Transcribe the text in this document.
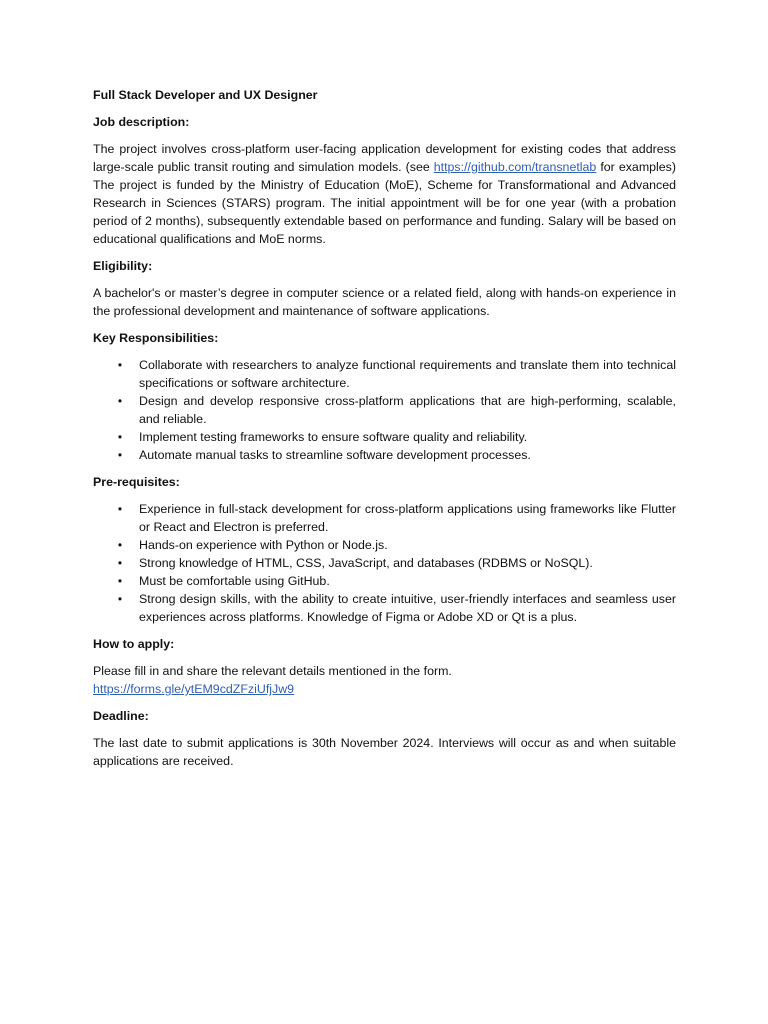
Full Stack Developer and UX Designer
Job description:

The project involves cross-platform user-facing application development for existing codes that address large-scale public transit routing and simulation models. (see https://github.com/transnetlab for examples) The project is funded by the Ministry of Education (MoE), Scheme for Transformational and Advanced Research in Sciences (STARS) program. The initial appointment will be for one year (with a probation period of 2 months), subsequently extendable based on performance and funding. Salary will be based on educational qualifications and MoE norms.

Eligibility:

A bachelor's or master’s degree in computer science or a related field, along with hands-on experience in the professional development and maintenance of software applications.

Key Responsibilities:
• Collaborate with researchers to analyze functional requirements and translate them into technical specifications or software architecture.
• Design and develop responsive cross-platform applications that are high-performing, scalable, and reliable.
• Implement testing frameworks to ensure software quality and reliability.
• Automate manual tasks to streamline software development processes.
Pre-requisites:
• Experience in full-stack development for cross-platform applications using frameworks like Flutter or React and Electron is preferred.
• Hands-on experience with Python or Node.js.
• Strong knowledge of HTML, CSS, JavaScript, and databases (RDBMS or NoSQL).
• Must be comfortable using GitHub.
• Strong design skills, with the ability to create intuitive, user-friendly interfaces and seamless user experiences across platforms. Knowledge of Figma or Adobe XD or Qt is a plus.
How to apply:

Please fill in and share the relevant details mentioned in the form.
https://forms.gle/ytEM9cdZFziUfjJw9

Deadline:

The last date to submit applications is 30th November 2024. Interviews will occur as and when suitable applications are received.
